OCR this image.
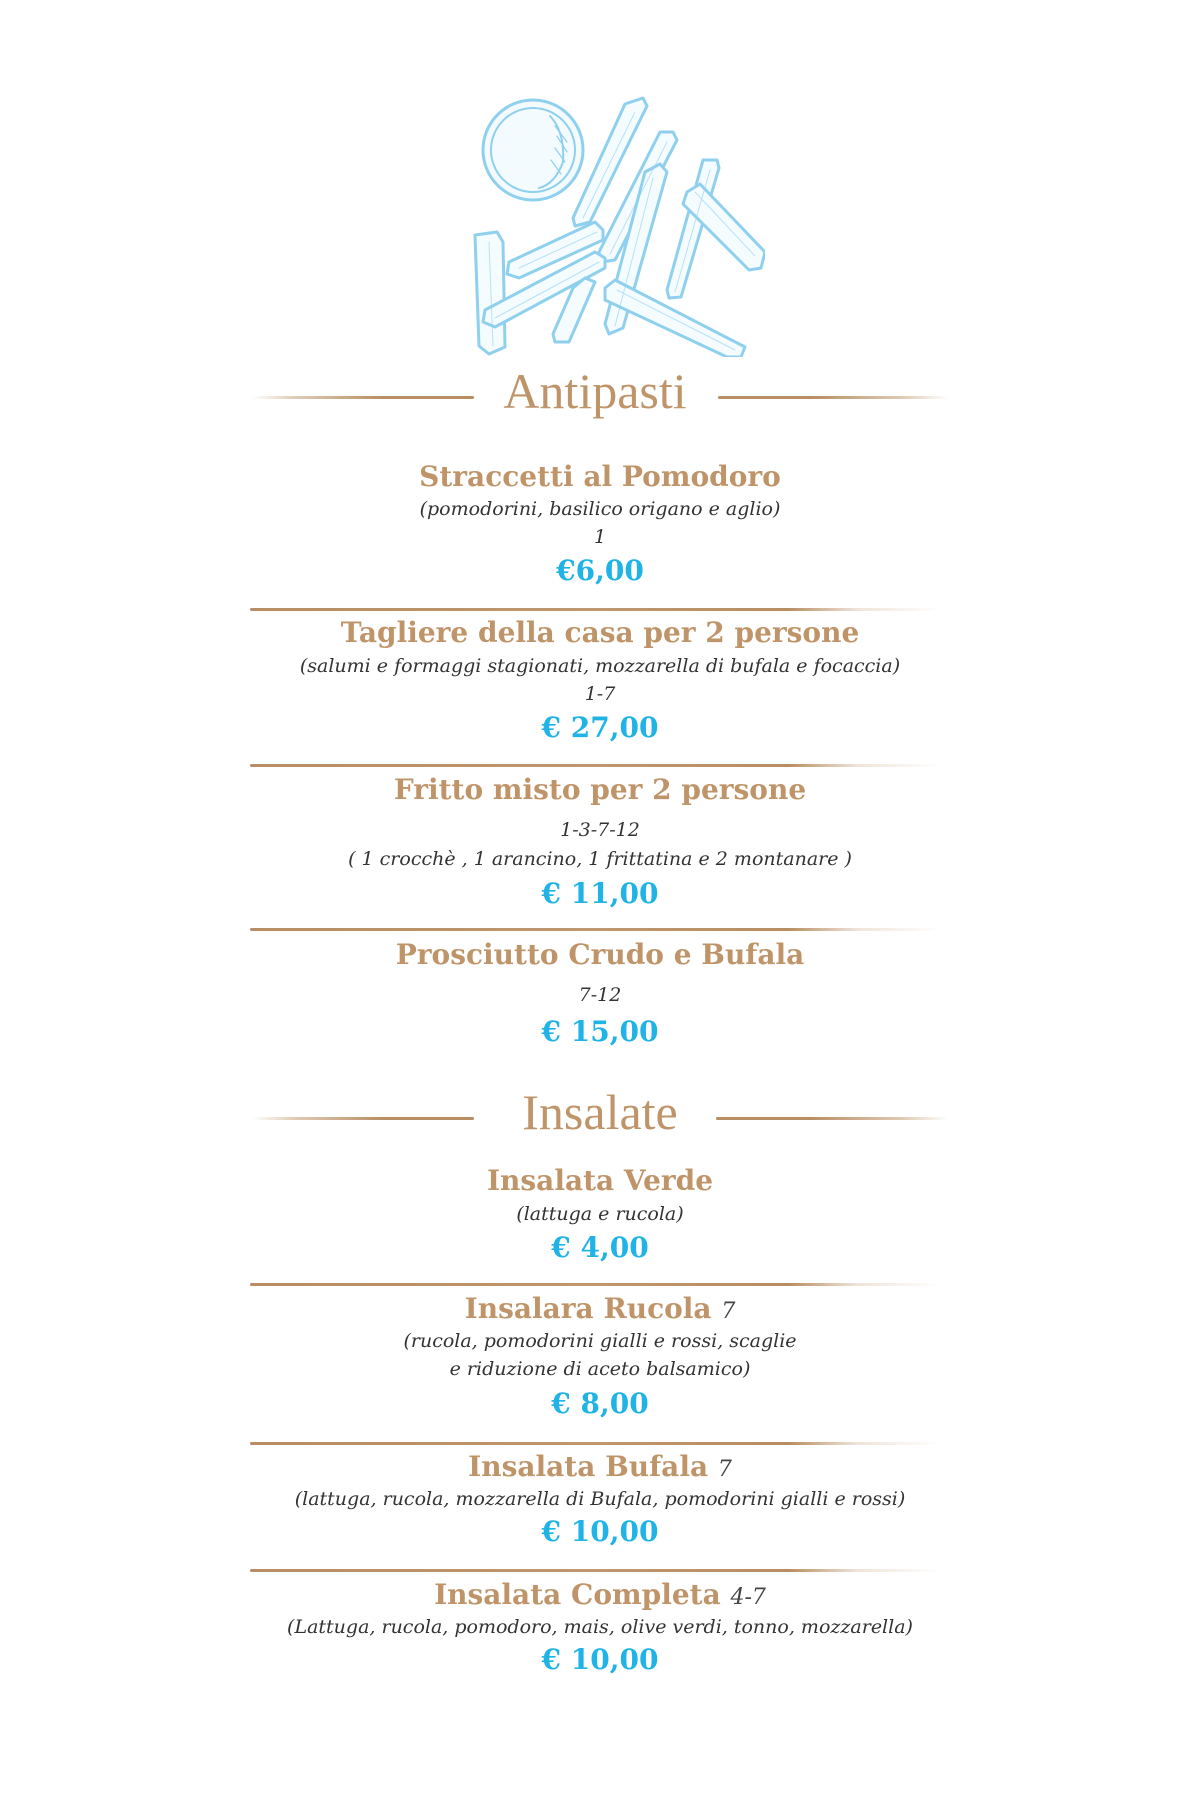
Antipasti
Straccetti al Pomodoro
(pomodorini, basilico origano e aglio)
1
€6,00
Tagliere della casa per 2 persone
(salumi e formaggi stagionati, mozzarella di bufala e focaccia)
1-7
€ 27,00
Fritto misto per 2 persone
1-3-7-12
( 1 crocchè , 1 arancino, 1 frittatina e 2 montanare )
€ 11,00
Prosciutto Crudo e Bufala
7-12
€ 15,00
Insalate
Insalata Verde
(lattuga e rucola)
€ 4,00
Insalara Rucola 7
(rucola, pomodorini gialli e rossi, scaglie
e riduzione di aceto balsamico)
€ 8,00
Insalata Bufala 7
(lattuga, rucola, mozzarella di Bufala, pomodorini gialli e rossi)
€ 10,00
Insalata Completa 4-7
(Lattuga, rucola, pomodoro, mais, olive verdi, tonno, mozzarella)
€ 10,00
